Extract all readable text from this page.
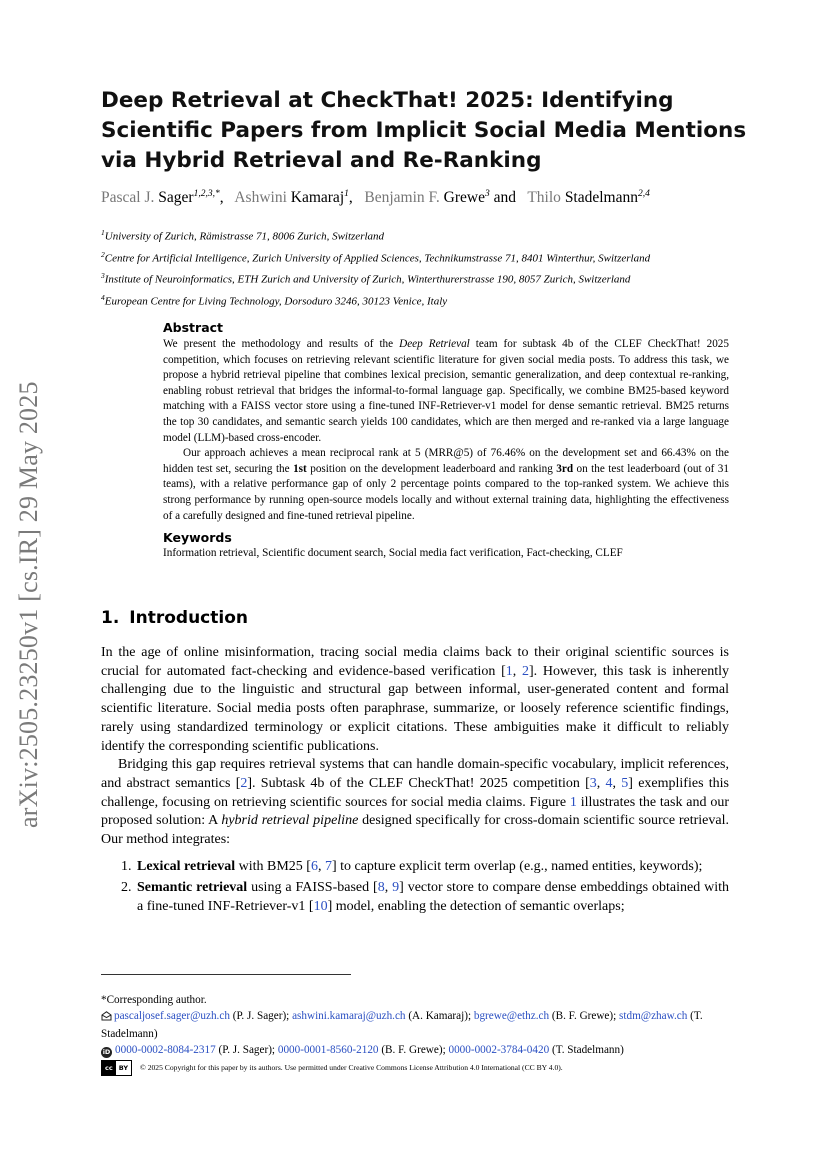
arXiv:2505.23250v1 [cs.IR] 29 May 2025
Deep Retrieval at CheckThat! 2025: Identifying Scientific Papers from Implicit Social Media Mentions via Hybrid Retrieval and Re-Ranking
Pascal J. Sager$^{1,2,3,*}$,   Ashwini Kamaraj$^1$,   Benjamin F. Grewe$^3$ and   Thilo Stadelmann$^{2,4}$
$^1$University of Zurich, Rämistrasse 71, 8006 Zurich, Switzerland
$^2$Centre for Artificial Intelligence, Zurich University of Applied Sciences, Technikumstrasse 71, 8401 Winterthur, Switzerland
$^3$Institute of Neuroinformatics, ETH Zurich and University of Zurich, Winterthurerstrasse 190, 8057 Zurich, Switzerland
$^4$European Centre for Living Technology, Dorsoduro 3246, 30123 Venice, Italy
Abstract

We present the methodology and results of the Deep Retrieval team for subtask 4b of the CLEF CheckThat! 2025 competition, which focuses on retrieving relevant scientific literature for given social media posts. To address this task, we propose a hybrid retrieval pipeline that combines lexical precision, semantic generalization, and deep contextual re-ranking, enabling robust retrieval that bridges the informal-to-formal language gap. Specifically, we combine BM25-based keyword matching with a FAISS vector store using a fine-tuned INF-Retriever-v1 model for dense semantic retrieval. BM25 returns the top 30 candidates, and semantic search yields 100 candidates, which are then merged and re-ranked via a large language model (LLM)-based cross-encoder.

Our approach achieves a mean reciprocal rank at 5 (MRR@5) of 76.46% on the development set and 66.43% on the hidden test set, securing the 1st position on the development leaderboard and ranking 3rd on the test leaderboard (out of 31 teams), with a relative performance gap of only 2 percentage points compared to the top-ranked system. We achieve this strong performance by running open-source models locally and without external training data, highlighting the effectiveness of a carefully designed and fine-tuned retrieval pipeline.

Keywords
Information retrieval, Scientific document search, Social media fact verification, Fact-checking, CLEF
1. Introduction

In the age of online misinformation, tracing social media claims back to their original scientific sources is crucial for automated fact-checking and evidence-based verification [1, 2]. However, this task is inherently challenging due to the linguistic and structural gap between informal, user-generated content and formal scientific literature. Social media posts often paraphrase, summarize, or loosely reference scientific findings, rarely using standardized terminology or explicit citations. These ambiguities make it difficult to reliably identify the corresponding scientific publications.

Bridging this gap requires retrieval systems that can handle domain-specific vocabulary, implicit references, and abstract semantics [2]. Subtask 4b of the CLEF CheckThat! 2025 competition [3, 4, 5] exemplifies this challenge, focusing on retrieving scientific sources for social media claims. Figure 1 illustrates the task and our proposed solution: A hybrid retrieval pipeline designed specifically for cross-domain scientific source retrieval. Our method integrates:

1. Lexical retrieval with BM25 [6, 7] to capture explicit term overlap (e.g., named entities, keywords);
2. Semantic retrieval using a FAISS-based [8, 9] vector store to compare dense embeddings obtained with a fine-tuned INF-Retriever-v1 [10] model, enabling the detection of semantic overlaps;

*Corresponding author.

pascaljosef.sager@uzh.ch (P. J. Sager); ashwini.kamaraj@uzh.ch (A. Kamaraj); bgrewe@ethz.ch (B. F. Grewe); stdm@zhaw.ch (T. Stadelmann)

iD 0000-0002-8084-2317 (P. J. Sager); 0000-0001-8560-2120 (B. F. Grewe); 0000-0002-3784-0420 (T. Stadelmann)

cc BY	© 2025 Copyright for this paper by its authors. Use permitted under Creative Commons License Attribution 4.0 International (CC BY 4.0).
